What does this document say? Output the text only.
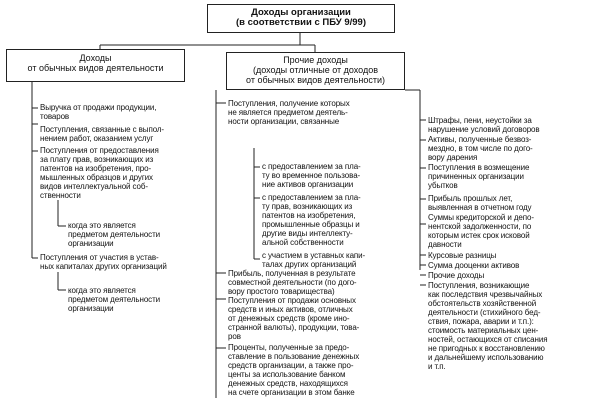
Доходы организации
(в соответствии с ПБУ 9/99)
Доходы
от обычных видов деятельности
Прочие доходы
(доходы отличные от доходов
от обычных видов деятельности)
Выручка от продажи продукции,
товаров
Поступления, связанные с выпол-
нением работ, оказанием услуг
Поступления от предоставления
за плату прав, возникающих из
патентов на изобретения, про-
мышленных образцов и других
видов интеллектуальной соб-
ственности
когда это является
предметом деятельности
организации
Поступления от участия в устав-
ных капиталах других организаций
когда это является
предметом деятельности
организации
Поступления, получение которых
не является предметом деятель-
ности организации, связанные
с предоставлением за пла-
ту во временное пользова-
ние активов организации
с предоставлением за пла-
ту прав, возникающих из
патентов на изобретения,
промышленные образцы и
другие виды интеллекту-
альной собственности
с участием в уставных капи-
талах других организаций
Прибыль, полученная в результате
совместной деятельности (по дого-
вору простого товарищества)
Поступления от продажи основных
средств и иных активов, отличных
от денежных средств (кроме ино-
странной валюты), продукции, това-
ров
Проценты, полученные за предо-
ставление в пользование денежных
средств организации, а также про-
центы за использование банком
денежных средств, находящихся
на счете организации в этом банке
Штрафы, пени, неустойки за
нарушение условий договоров
Активы, полученные безвоз-
мездно, в том числе по дого-
вору дарения
Поступления в возмещение
причиненных организации
убытков
Прибыль прошлых лет,
выявленная в отчетном году
Суммы кредиторской и депо-
нентской задолженности, по
которым истек срок исковой
давности
Курсовые разницы
Сумма дооценки активов
Прочие доходы
Поступления, возникающие
как последствия чрезвычайных
обстоятельств хозяйственной
деятельности (стихийного бед-
ствия, пожара, аварии и т.п.):
стоимость материальных цен-
ностей, остающихся от списания
не пригодных к восстановлению
и дальнейшему использованию
и т.п.
